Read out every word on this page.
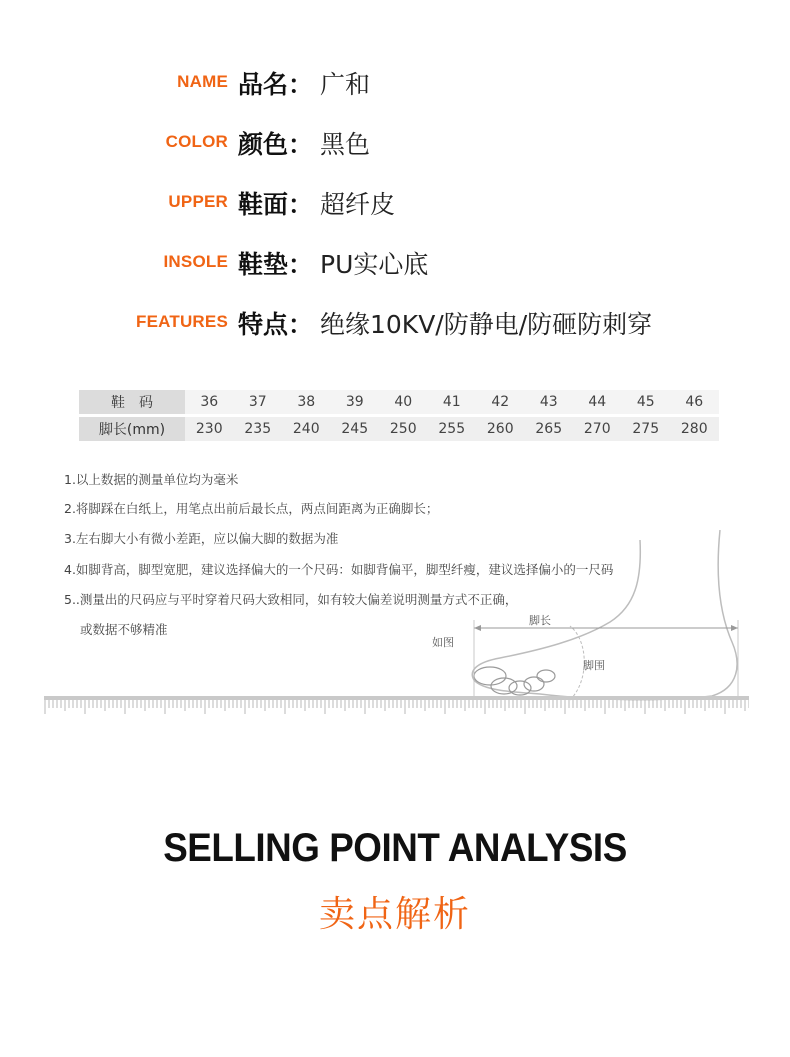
NAME 品名： 广和
COLOR 颜色： 黑色
UPPER 鞋面： 超纤皮
INSOLE 鞋垫： PU实心底
FEATURES 特点： 绝缘10KV/防静电/防砸防刺穿
鞋　码	36	37	38	39	40	41	42	43	44	45	46
脚长(mm)	230	235	240	245	250	255	260	265	270	275	280
如图
脚长
脚围
1.以上数据的测量单位均为毫米
2.将脚踩在白纸上，用笔点出前后最长点，两点间距离为正确脚长；
3.左右脚大小有微小差距，应以偏大脚的数据为准
4.如脚背高，脚型宽肥，建议选择偏大的一个尺码：如脚背偏平，脚型纤瘦，建议选择偏小的一尺码
5..测量出的尺码应与平时穿着尺码大致相同，如有较大偏差说明测量方式不正确，
或数据不够精准
SELLING POINT ANALYSIS
卖点解析
